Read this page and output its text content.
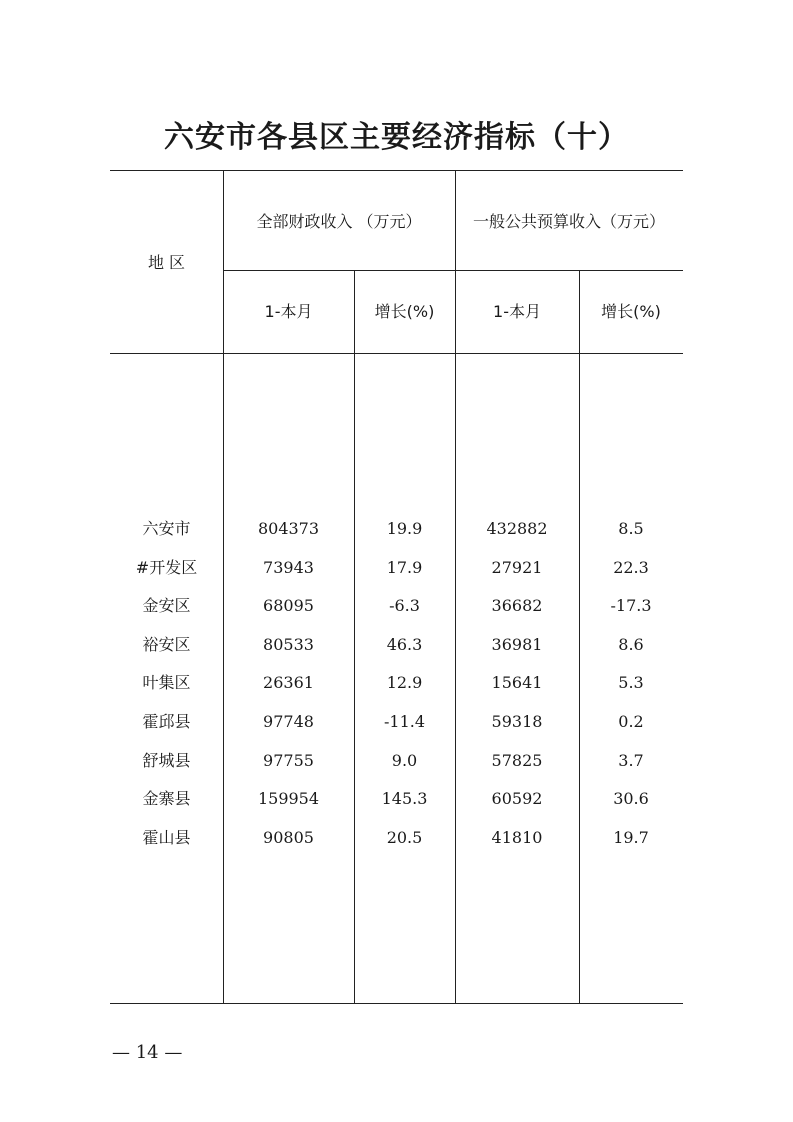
六安市各县区主要经济指标（十）
地 区
全部财政收入 （万元）	一般公共预算收入（万元）
1-本月	增长(%)	1-本月	增长(%)
六安市	804373	19.9	432882	8.5
#开发区	73943	17.9	27921	22.3
金安区	68095	-6.3	36682	-17.3
裕安区	80533	46.3	36981	8.6
叶集区	26361	12.9	15641	5.3
霍邱县	97748	-11.4	59318	0.2
舒城县	97755	9.0	57825	3.7
金寨县	159954	145.3	60592	30.6
霍山县	90805	20.5	41810	19.7
— 14 —
